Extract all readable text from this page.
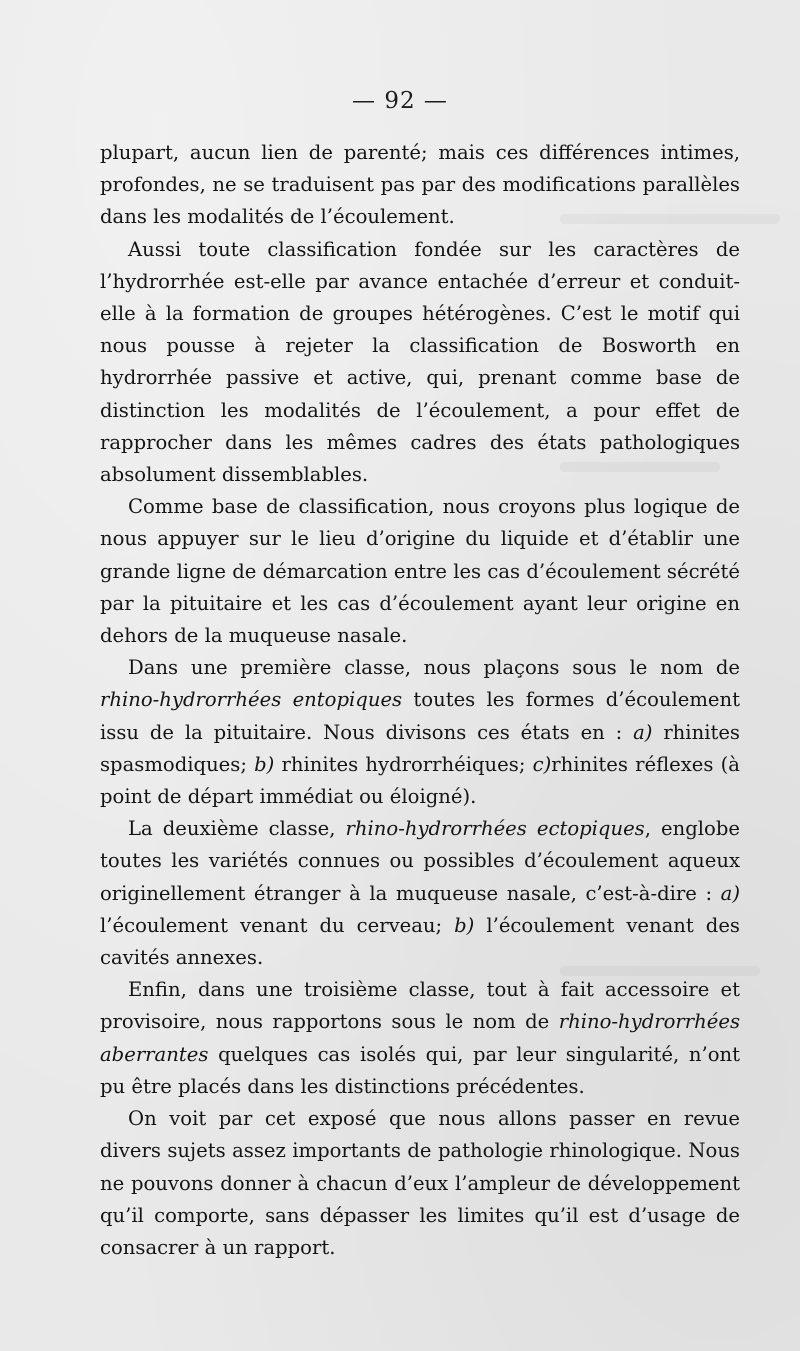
— 92 —

plupart, aucun lien de parenté; mais ces différences intimes, profondes, ne se traduisent pas par des modifications parallèles dans les modalités de l’écoulement.

Aussi toute classification fondée sur les caractères de l’hydrorrhée est-elle par avance entachée d’erreur et conduit-elle à la formation de groupes hétérogènes. C’est le motif qui nous pousse à rejeter la classification de Bosworth en hydrorrhée passive et active, qui, prenant comme base de distinction les modalités de l’écoulement, a pour effet de rapprocher dans les mêmes cadres des états pathologiques absolument dissemblables.

Comme base de classification, nous croyons plus logique de nous appuyer sur le lieu d’origine du liquide et d’établir une grande ligne de démarcation entre les cas d’écoulement sécrété par la pituitaire et les cas d’écoulement ayant leur origine en dehors de la muqueuse nasale.

Dans une première classe, nous plaçons sous le nom de rhino-hydrorrhées entopiques toutes les formes d’écoulement issu de la pituitaire. Nous divisons ces états en : a) rhinites spasmodiques; b) rhinites hydrorrhéiques; c)rhinites réflexes (à point de départ immédiat ou éloigné).

La deuxième classe, rhino-hydrorrhées ectopiques, englobe toutes les variétés connues ou possibles d’écoulement aqueux originellement étranger à la muqueuse nasale, c’est-à-dire : a) l’écoulement venant du cerveau; b) l’écoulement venant des cavités annexes.

Enfin, dans une troisième classe, tout à fait accessoire et provisoire, nous rapportons sous le nom de rhino-hydrorrhées aberrantes quelques cas isolés qui, par leur singularité, n’ont pu être placés dans les distinctions précédentes.

On voit par cet exposé que nous allons passer en revue divers sujets assez importants de pathologie rhinologique. Nous ne pouvons donner à chacun d’eux l’ampleur de développement qu’il comporte, sans dépasser les limites qu’il est d’usage de consacrer à un rapport.
